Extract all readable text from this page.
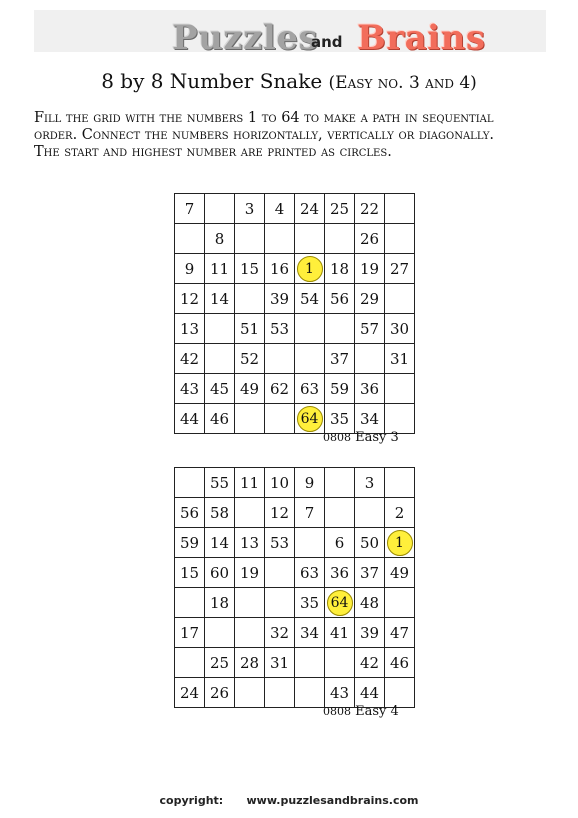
Puzzles
and Brains
8 by 8 Number Snake (Easy no. 3 and 4)
Fill the grid with the numbers 1 to 64 to make a path in sequential
order. Connect the numbers horizontally, vertically or diagonally.
The start and highest number are printed as circles.
7		3	4	24	25	22	
	8					26	
9	11	15	16	1	18	19	27
12	14		39	54	56	29	
13		51	53			57	30
42		52			37		31
43	45	49	62	63	59	36	
44	46			64	35	34	
0808 Easy 3
	55	11	10	9		3	
56	58		12	7			2
59	14	13	53		6	50	1
15	60	19		63	36	37	49
	18			35	64	48	
17			32	34	41	39	47
	25	28	31			42	46
24	26				43	44	
0808 Easy 4
copyright: www.puzzlesandbrains.com
